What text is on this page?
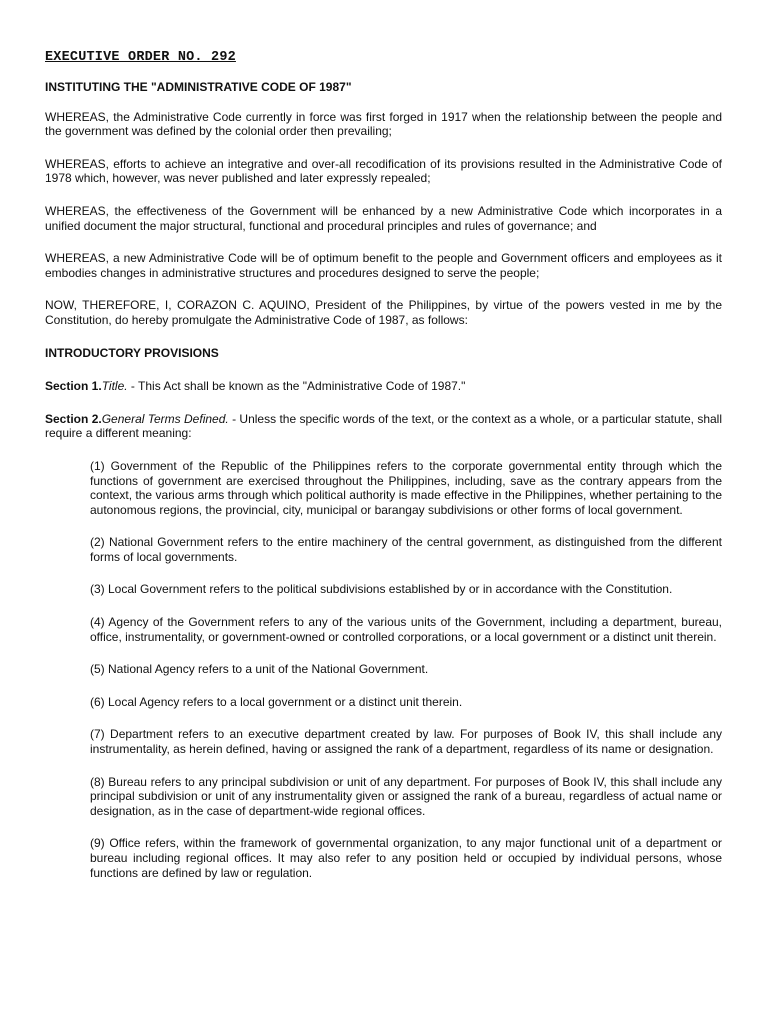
EXECUTIVE ORDER NO. 292
INSTITUTING THE "ADMINISTRATIVE CODE OF 1987"

WHEREAS, the Administrative Code currently in force was first forged in 1917 when the relationship between the people and the government was defined by the colonial order then prevailing;

WHEREAS, efforts to achieve an integrative and over-all recodification of its provisions resulted in the Administrative Code of 1978 which, however, was never published and later expressly repealed;

WHEREAS, the effectiveness of the Government will be enhanced by a new Administrative Code which incorporates in a unified document the major structural, functional and procedural principles and rules of governance; and

WHEREAS, a new Administrative Code will be of optimum benefit to the people and Government officers and employees as it embodies changes in administrative structures and procedures designed to serve the people;

NOW, THEREFORE, I, CORAZON C. AQUINO, President of the Philippines, by virtue of the powers vested in me by the Constitution, do hereby promulgate the Administrative Code of 1987, as follows:

INTRODUCTORY PROVISIONS

Section 1.Title. - This Act shall be known as the "Administrative Code of 1987."

Section 2.General Terms Defined. - Unless the specific words of the text, or the context as a whole, or a particular statute, shall require a different meaning:

(1) Government of the Republic of the Philippines refers to the corporate governmental entity through which the functions of government are exercised throughout the Philippines, including, save as the contrary appears from the context, the various arms through which political authority is made effective in the Philippines, whether pertaining to the autonomous regions, the provincial, city, municipal or barangay subdivisions or other forms of local government.

(2) National Government refers to the entire machinery of the central government, as distinguished from the different forms of local governments.

(3) Local Government refers to the political subdivisions established by or in accordance with the Constitution.

(4) Agency of the Government refers to any of the various units of the Government, including a department, bureau, office, instrumentality, or government-owned or controlled corporations, or a local government or a distinct unit therein.

(5) National Agency refers to a unit of the National Government.

(6) Local Agency refers to a local government or a distinct unit therein.

(7) Department refers to an executive department created by law. For purposes of Book IV, this shall include any instrumentality, as herein defined, having or assigned the rank of a department, regardless of its name or designation.

(8) Bureau refers to any principal subdivision or unit of any department. For purposes of Book IV, this shall include any principal subdivision or unit of any instrumentality given or assigned the rank of a bureau, regardless of actual name or designation, as in the case of department-wide regional offices.

(9) Office refers, within the framework of governmental organization, to any major functional unit of a department or bureau including regional offices. It may also refer to any position held or occupied by individual persons, whose functions are defined by law or regulation.
